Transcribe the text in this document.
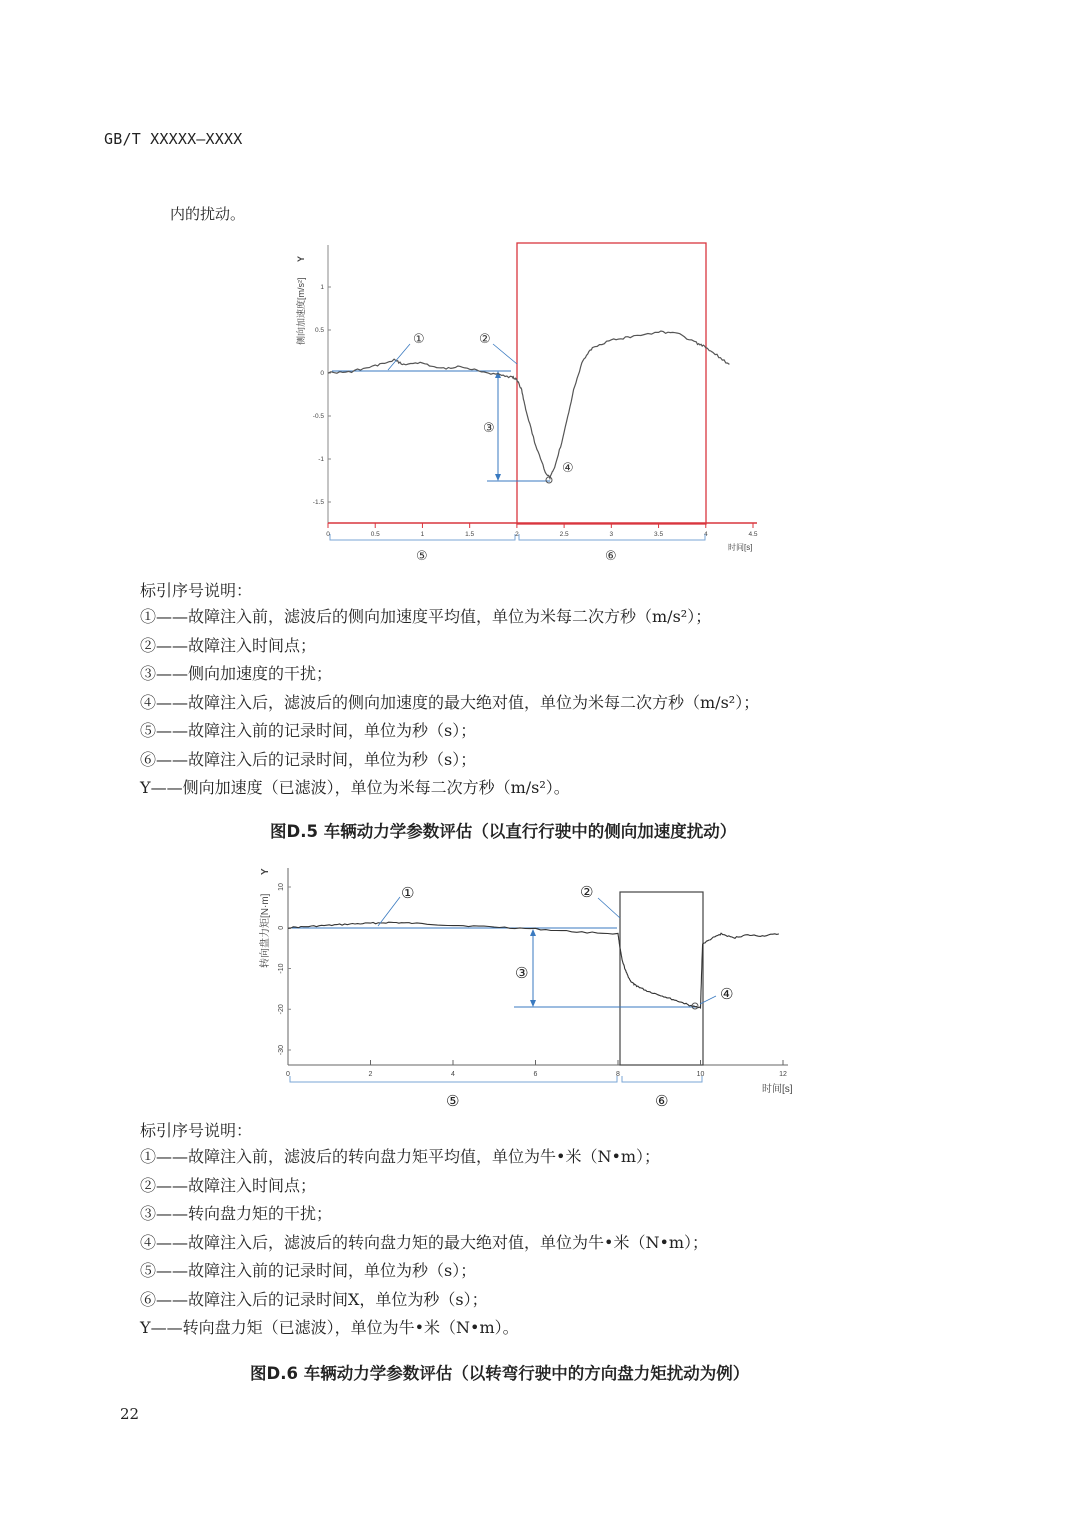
GB/T XXXXX—XXXX
内的扰动。
0	0.5	1	1.5	2	2.5	3	3.5	4	4.5
1
0.5
0
-0.5
-1
-1.5
①	②
③
④
⑤	⑥
时间[s]
侧向加速度[m/s²]
Y
标引序号说明：
①——故障注入前，滤波后的侧向加速度平均值，单位为米每二次方秒（m/s²）；
②——故障注入时间点；
③——侧向加速度的干扰；
④——故障注入后，滤波后的侧向加速度的最大绝对值，单位为米每二次方秒（m/s²）；
⑤——故障注入前的记录时间，单位为秒（s）；
⑥——故障注入后的记录时间，单位为秒（s）；
Y——侧向加速度（已滤波），单位为米每二次方秒（m/s²）。
图D.5 车辆动力学参数评估（以直行行驶中的侧向加速度扰动）
0	2	4	6	8	10	12
10
0
-10
-20
-30
①	②
③
④
⑤	⑥
时间[s]
转向盘力矩[N·m]
Y
标引序号说明：
①——故障注入前，滤波后的转向盘力矩平均值，单位为牛•米（N•m）；
②——故障注入时间点；
③——转向盘力矩的干扰；
④——故障注入后，滤波后的转向盘力矩的最大绝对值，单位为牛•米（N•m）；
⑤——故障注入前的记录时间，单位为秒（s）；
⑥——故障注入后的记录时间X，单位为秒（s）；
Y——转向盘力矩（已滤波），单位为牛•米（N•m）。
图D.6 车辆动力学参数评估（以转弯行驶中的方向盘力矩扰动为例）
22
